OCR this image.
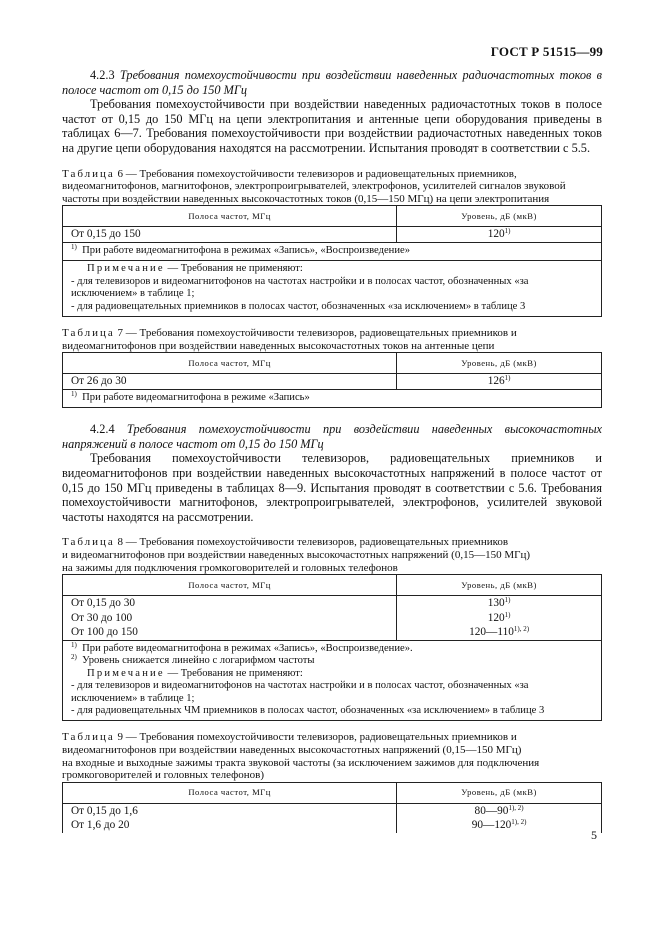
ГОСТ Р 51515—99

4.2.3 Требования помехоустойчивости при воздействии наведенных радиочастотных токов в полосе частот от 0,15 до 150 МГц

Требования помехоустойчивости при воздействии наведенных радиочастотных токов в полосе частот от 0,15 до 150 МГц на цепи электропитания и антенные цепи оборудования приведены в таблицах 6—7. Требования помехоустойчивости при воздействии радиочастотных наведенных токов на другие цепи оборудования находятся на рассмотрении. Испытания проводят в соответствии с 5.5.

Таблица 6 — Требования помехоустойчивости телевизоров и радиовещательных приемников, видеомагнитофонов, магнитофонов, электропроигрывателей, электрофонов, усилителей сигналов звуковой частоты при воздействии наведенных высокочастотных токов (0,15—150 МГц) на цепи электропитания

Полоса частот, МГц	Уровень, дБ (мкВ)
От 0,15 до 150	120$^{1)}$

$^{1)}$ При работе видеомагнитофона в режимах «Запись», «Воспроизведение»	

Примечание — Требования не применяют:
- для телевизоров и видеомагнитофонов на частотах настройки и в полосах частот, обозначенных «за исключением» в таблице 1;
- для радиовещательных приемников в полосах частот, обозначенных «за исключением» в таблице 3	

Таблица 7 — Требования помехоустойчивости телевизоров, радиовещательных приемников и видеомагнитофонов при воздействии наведенных высокочастотных токов на антенные цепи

Полоса частот, МГц	Уровень, дБ (мкВ)
От 26 до 30	126$^{1)}$

$^{1)}$ При работе видеомагнитофона в режиме «Запись»	

4.2.4 Требования помехоустойчивости при воздействии наведенных высокочастотных напряжений в полосе частот от 0,15 до 150 МГц

Требования помехоустойчивости телевизоров, радиовещательных приемников и видеомагнитофонов при воздействии наведенных высокочастотных напряжений в полосе частот от 0,15 до 150 МГц приведены в таблицах 8—9. Испытания проводят в соответствии с 5.6. Требования помехоустойчивости магнитофонов, электропроигрывателей, электрофонов, усилителей звуковой частоты находятся на рассмотрении.

Таблица 8 — Требования помехоустойчивости телевизоров, радиовещательных приемников
и видеомагнитофонов при воздействии наведенных высокочастотных напряжений (0,15—150 МГц)
на зажимы для подключения громкоговорителей и головных телефонов

Полоса частот, МГц	Уровень, дБ (мкВ)
От 0,15 до 30	130$^{1)}$
От 30 до 100	120$^{1)}$
От 100 до 150	$120—110^{1), 2)}$

$^{1)}$ При работе видеомагнитофона в режимах «Запись», «Воспроизведение».
$^{2)}$ Уровень снижается линейно с логарифмом частоты
Примечание — Требования не применяют:
- для телевизоров и видеомагнитофонов на частотах настройки и в полосах частот, обозначенных «за исключением» в таблице 1;
- для радиовещательных ЧМ приемников в полосах частот, обозначенных «за исключением» в таблице 3	

Таблица 9 — Требования помехоустойчивости телевизоров, радиовещательных приемников и
видеомагнитофонов при воздействии наведенных высокочастотных напряжений (0,15—150 МГц)
на входные и выходные зажимы тракта звуковой частоты (за исключением зажимов для подключения громкоговорителей и головных телефонов)

Полоса частот, МГц	Уровень, дБ (мкВ)
От 0,15 до 1,6	$80—90^{1), 2)}$
От 1,6 до 20	$90—120^{1), 2)}$
5
